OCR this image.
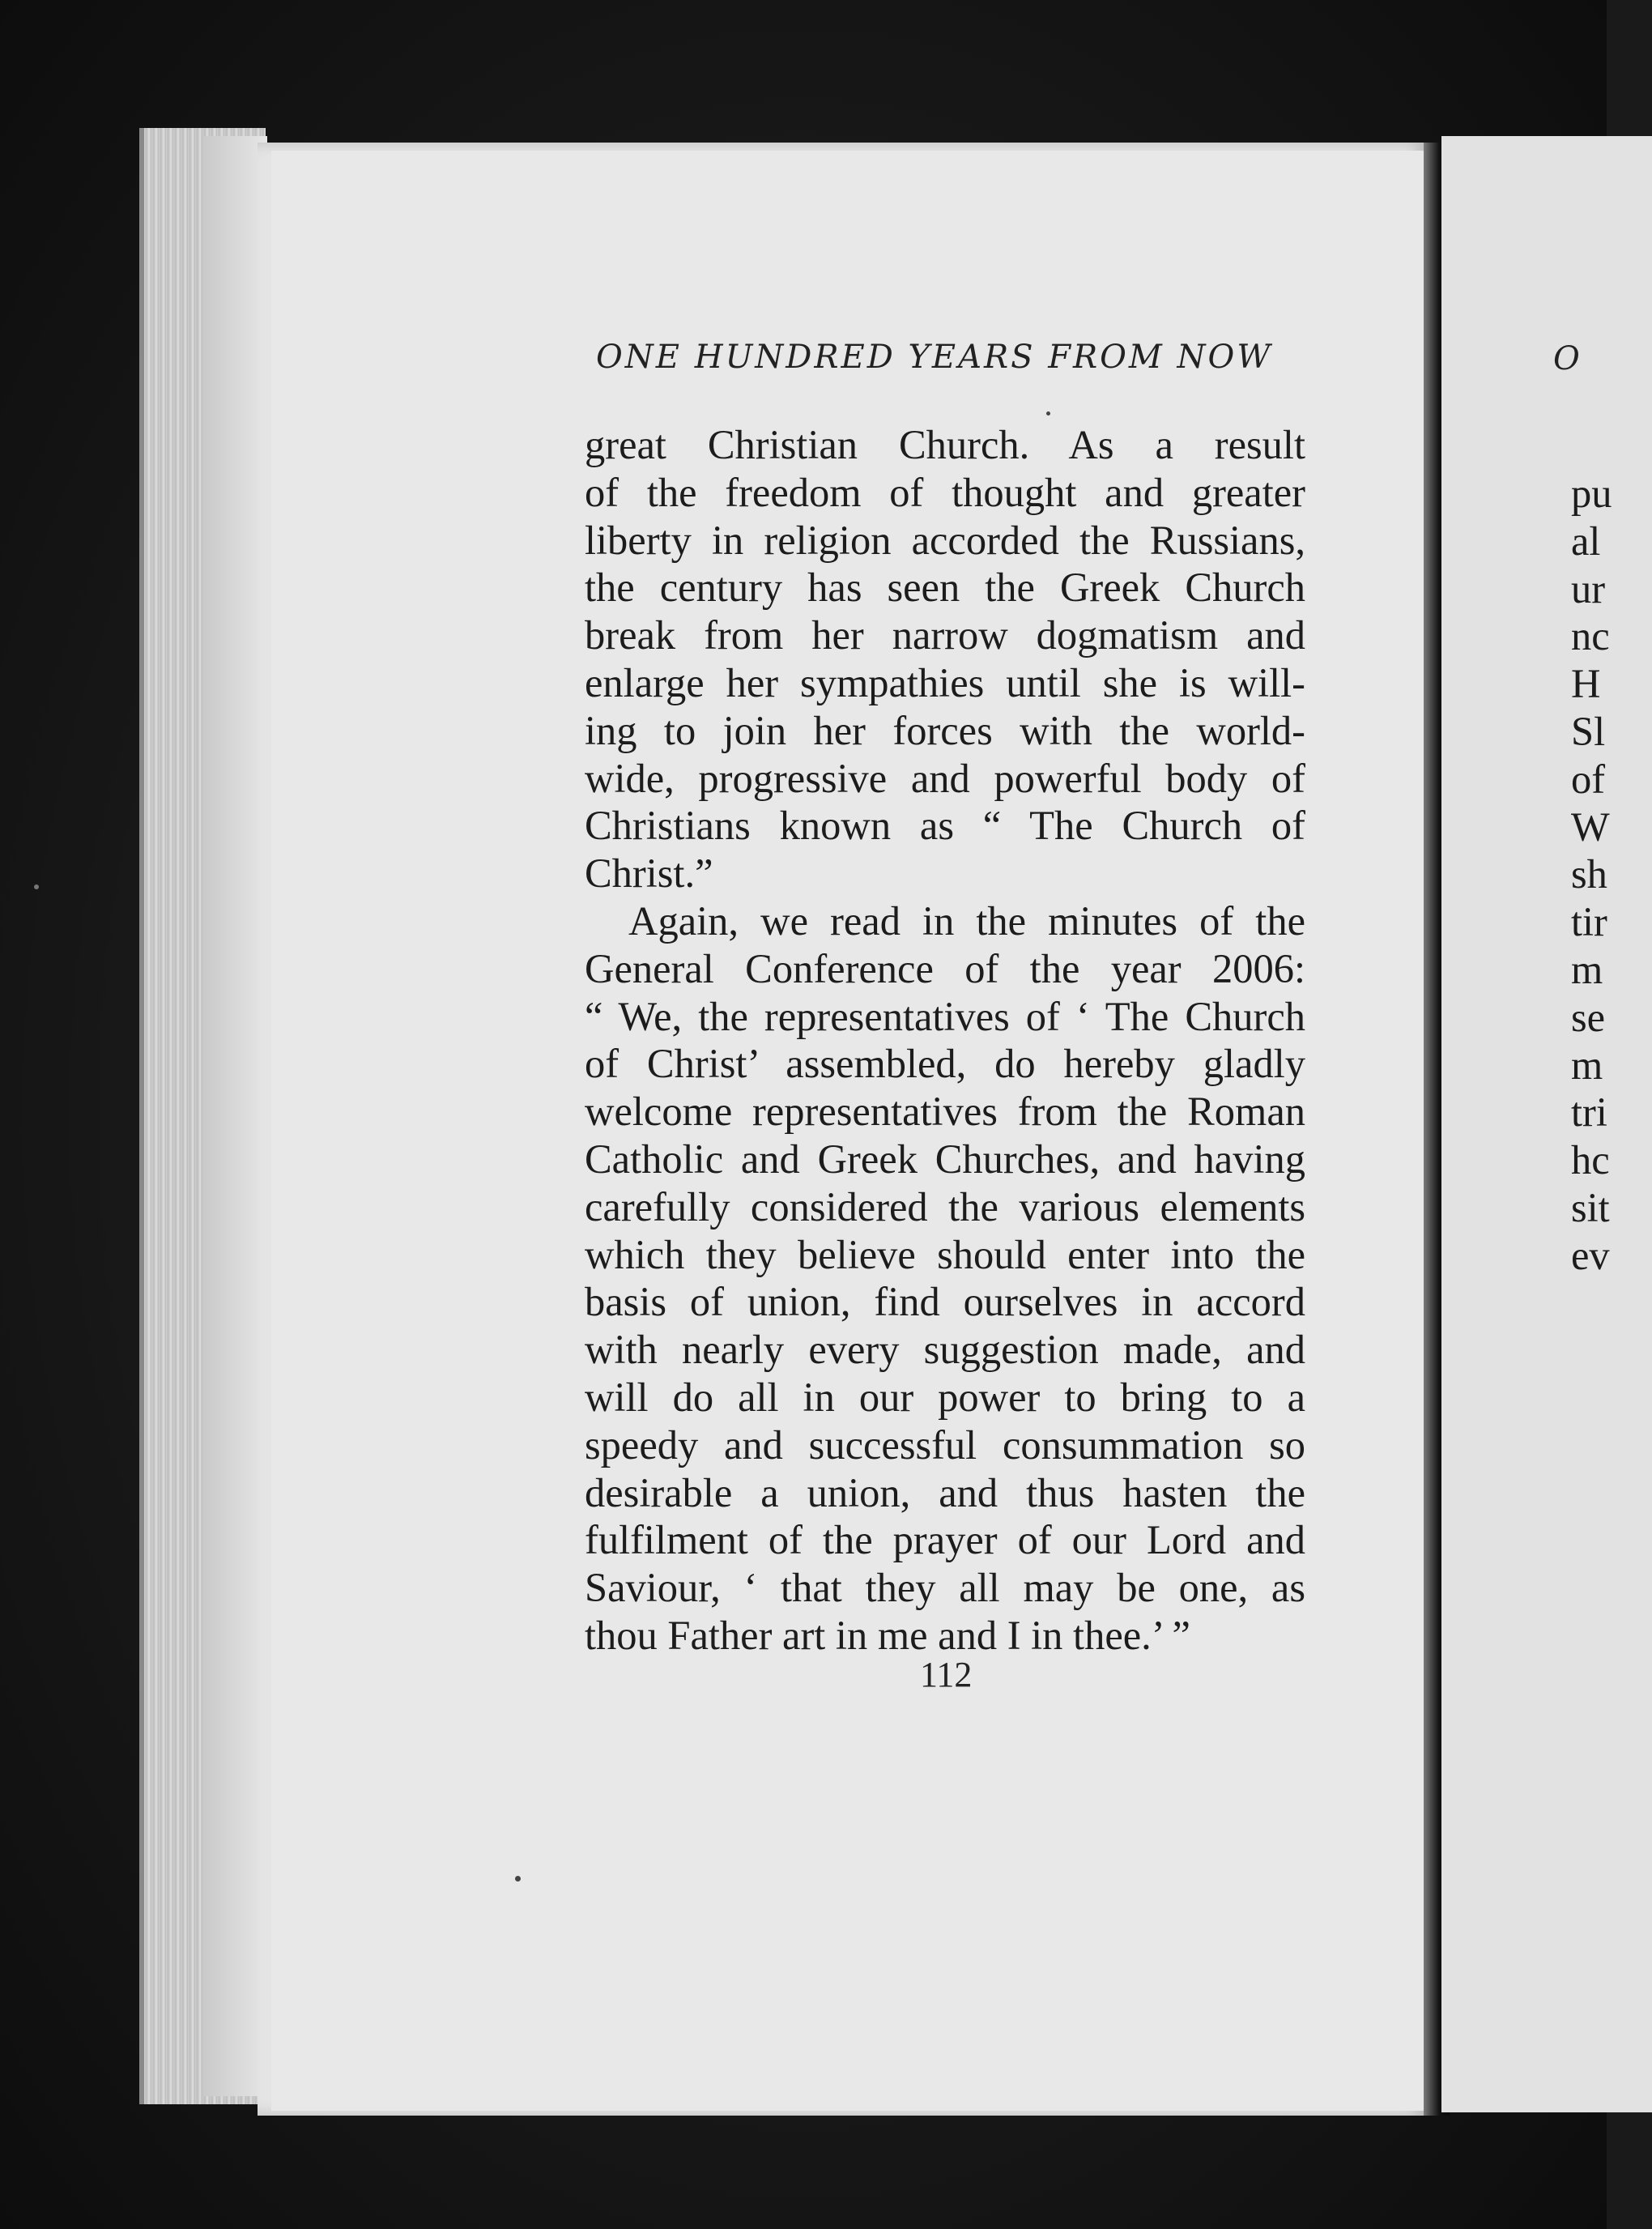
ONE HUNDRED YEARS FROM NOW
great Christian Church. As a result
of the freedom of thought and greater
liberty in religion accorded the Russians,
the century has seen the Greek Church
break from her narrow dogmatism and
enlarge her sympathies until she is will-
ing to join her forces with the world-
wide, progressive and powerful body of
Christians known as “ The Church of
Christ.”
Again, we read in the minutes of the
General Conference of the year 2006:
“ We, the representatives of ‘ The Church
of Christ’ assembled, do hereby gladly
welcome representatives from the Roman
Catholic and Greek Churches, and having
carefully considered the various elements
which they believe should enter into the
basis of union, find ourselves in accord
with nearly every suggestion made, and
will do all in our power to bring to a
speedy and successful consummation so
desirable a union, and thus hasten the
fulfilment of the prayer of our Lord and
Saviour, ‘ that they all may be one, as
thou Father art in me and I in thee.’ ”
112
O
pu
al
ur
nc
H
Sl
of
W
sh
tir
m
se
m
tri
hc
sit
ev
